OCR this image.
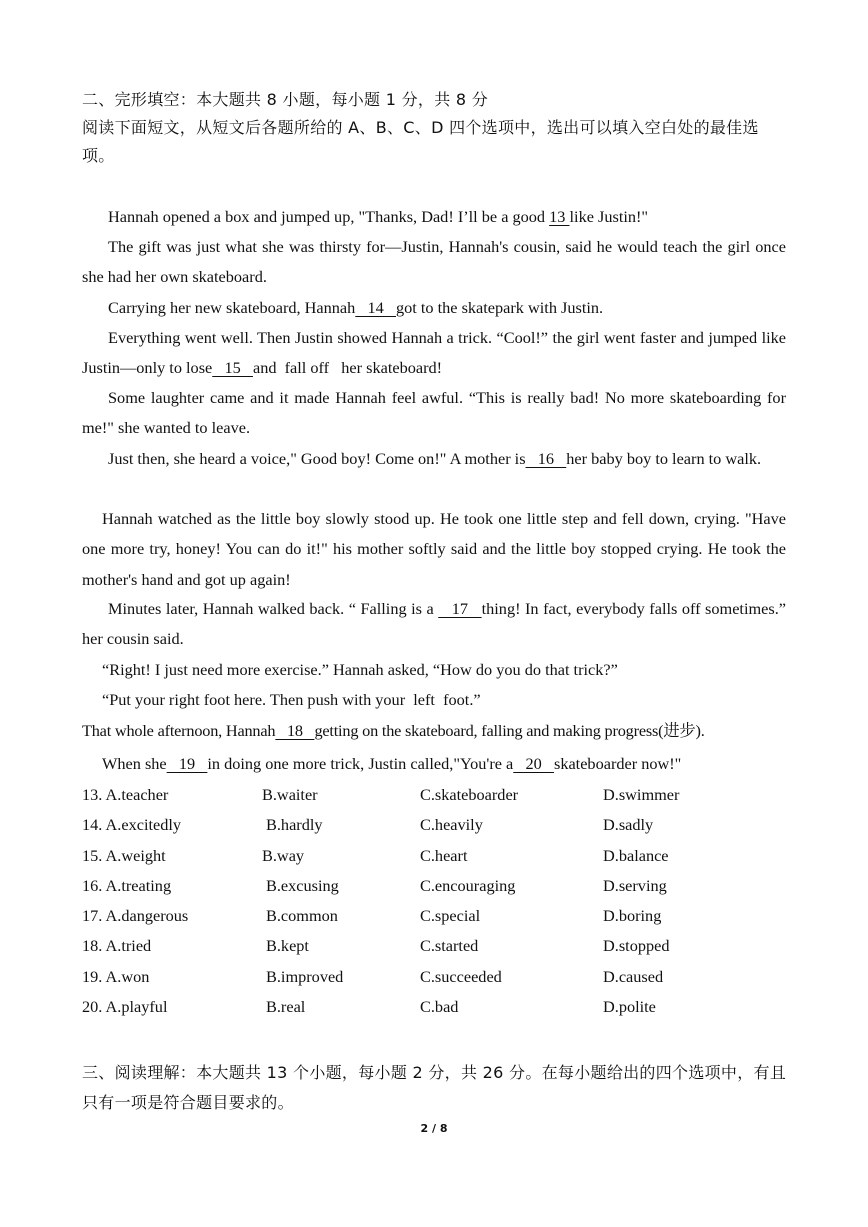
二、完形填空：本大题共 8 小题，每小题 1 分，共 8 分
阅读下面短文，从短文后各题所给的 A、B、C、D 四个选项中，选出可以填入空白处的最佳选项。
Hannah opened a box and jumped up, "Thanks, Dad! I’ll be a good 13 like Justin!"
The gift was just what she was thirsty for—Justin, Hannah's cousin, said he would teach the girl once she had her own skateboard.
Carrying her new skateboard, Hannah   14   got to the skatepark with Justin.
Everything went well. Then Justin showed Hannah a trick. “Cool!” the girl went faster and jumped like Justin—only to lose   15   and  fall off   her skateboard!
Some laughter came and it made Hannah feel awful. “This is really bad! No more skateboarding for me!" she wanted to leave.
Just then, she heard a voice," Good boy! Come on!" A mother is   16   her baby boy to learn to walk.
Hannah watched as the little boy slowly stood up. He took one little step and fell down, crying. "Have one more try, honey! You can do it!" his mother softly said and the little boy stopped crying. He took the mother's hand and got up again!
Minutes later, Hannah walked back. “ Falling is a    17   thing! In fact, everybody falls off sometimes.” her cousin said.
“Right! I just need more exercise.” Hannah asked, “How do you do that trick?”
“Put your right foot here. Then push with your  left  foot.”
That whole afternoon, Hannah   18   getting on the skateboard, falling and making progress(进步).
When she   19   in doing one more trick, Justin called,"You're a   20   skateboarder now!"
13. A.teacher	B.waiter	C.skateboarder	D.swimmer
14. A.excitedly	B.hardly	C.heavily	D.sadly
15. A.weight	B.way	C.heart	D.balance
16. A.treating	B.excusing	C.encouraging	D.serving
17. A.dangerous	B.common	C.special	D.boring
18. A.tried	B.kept	C.started	D.stopped
19. A.won	B.improved	C.succeeded	D.caused
20. A.playful	B.real	C.bad	D.polite
三、阅读理解：本大题共 13 个小题，每小题 2 分，共 26 分。在每小题给出的四个选项中，有且只有一项是符合题目要求的。
2 / 8
